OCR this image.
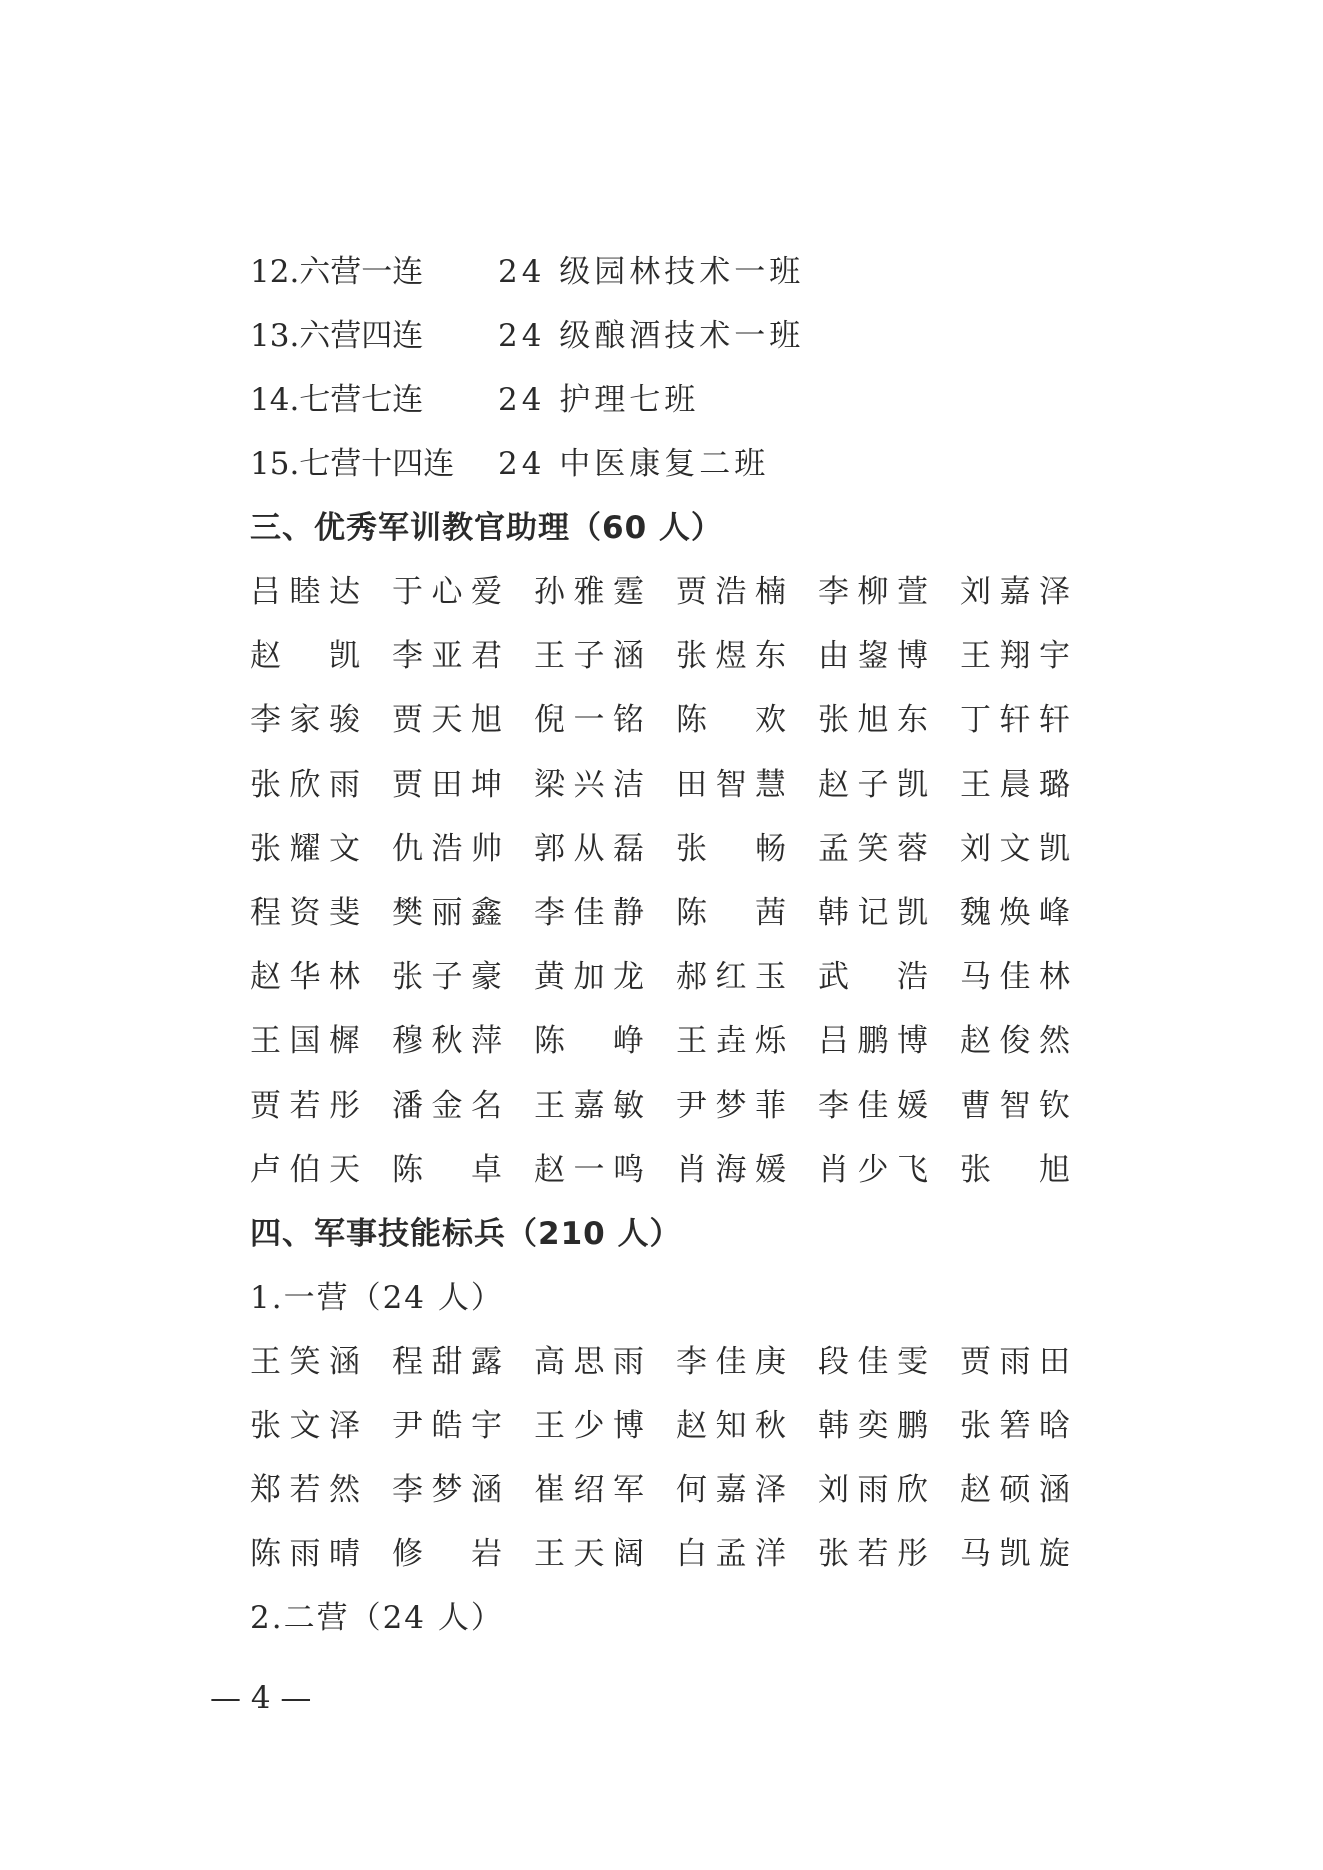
12.六营一连 24 级园林技术一班
13.六营四连 24 级酿酒技术一班
14.七营七连 24 护理七班
15.七营十四连 24 中医康复二班
三、优秀军训教官助理（60 人）
吕 睦 达 于 心 爱 孙 雅 霆 贾 浩 楠 李 柳 萱 刘 嘉 泽
赵 凯 李 亚 君 王 子 涵 张 煜 东 由 鋆 博 王 翔 宇
李 家 骏 贾 天 旭 倪 一 铭 陈 欢 张 旭 东 丁 轩 轩
张 欣 雨 贾 田 坤 梁 兴 洁 田 智 慧 赵 子 凯 王 晨 璐
张 耀 文 仇 浩 帅 郭 从 磊 张 畅 孟 笑 蓉 刘 文 凯
程 资 斐 樊 丽 鑫 李 佳 静 陈 茜 韩 记 凯 魏 焕 峰
赵 华 林 张 子 豪 黄 加 龙 郝 红 玉 武 浩 马 佳 林
王 国 樨 穆 秋 萍 陈 峥 王 垚 烁 吕 鹏 博 赵 俊 然
贾 若 彤 潘 金 名 王 嘉 敏 尹 梦 菲 李 佳 媛 曹 智 钦
卢 伯 天 陈 卓 赵 一 鸣 肖 海 媛 肖 少 飞 张 旭
四、军事技能标兵（210 人）
1.一营（24 人）
王 笑 涵 程 甜 露 高 思 雨 李 佳 庚 段 佳 雯 贾 雨 田
张 文 泽 尹 皓 宇 王 少 博 赵 知 秋 韩 奕 鹏 张 箬 晗
郑 若 然 李 梦 涵 崔 绍 军 何 嘉 泽 刘 雨 欣 赵 硕 涵
陈 雨 晴 修 岩 王 天 阔 白 孟 洋 张 若 彤 马 凯 旋
2.二营（24 人）
— 4 —
